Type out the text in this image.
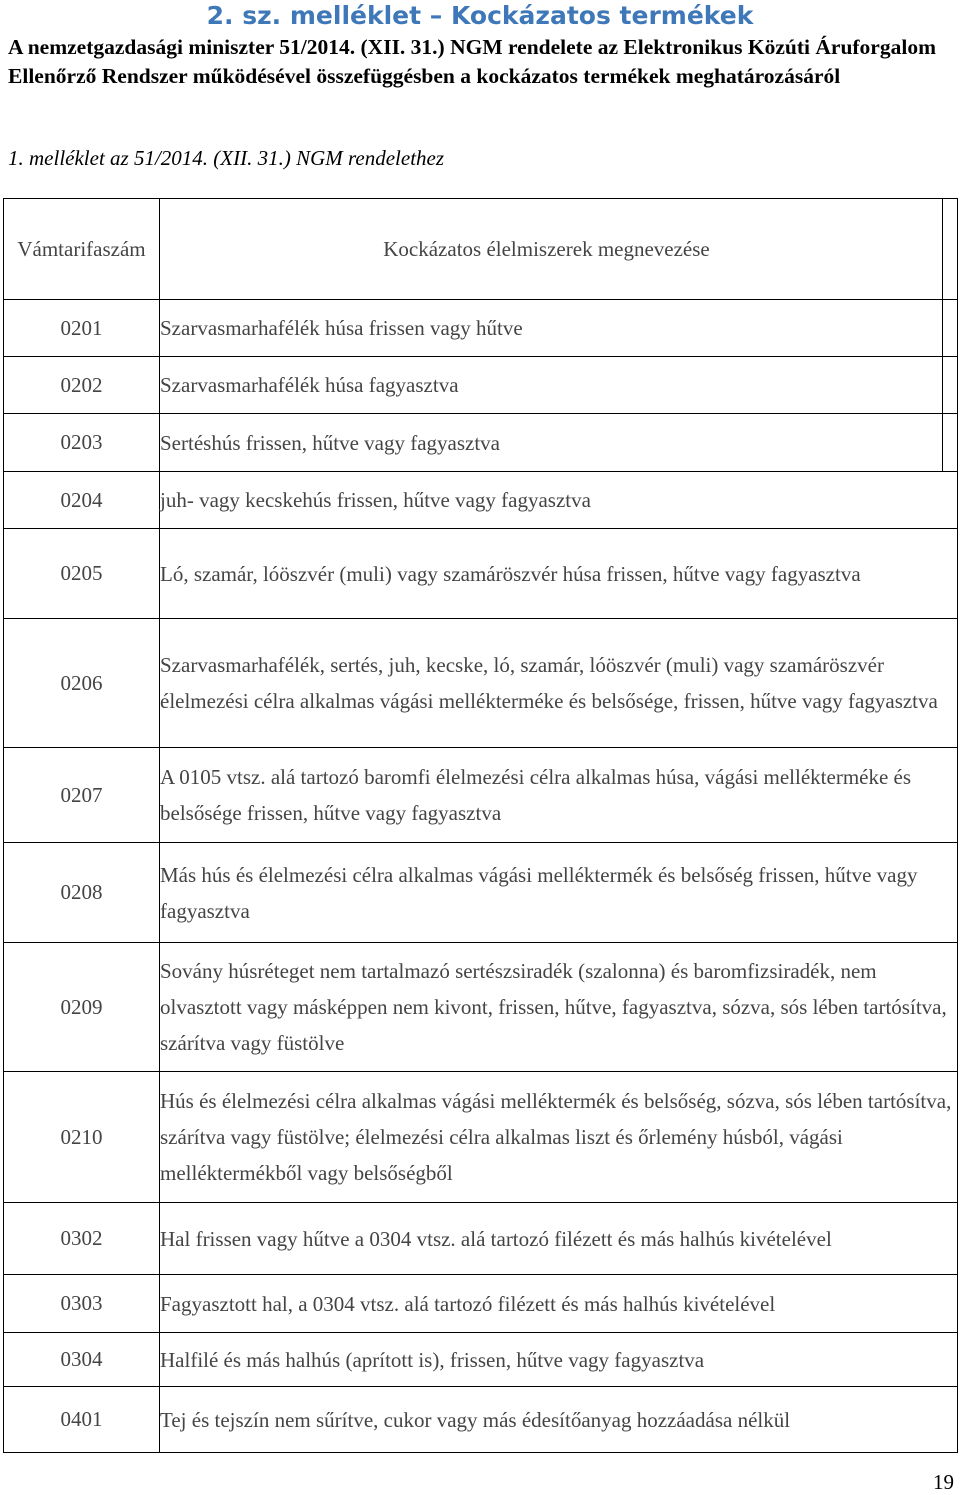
2. sz. melléklet – Kockázatos termékek
A nemzetgazdasági miniszter 51/2014. (XII. 31.) NGM rendelete az Elektronikus Közúti Áruforgalom Ellenőrző Rendszer működésével összefüggésben a kockázatos termékek meghatározásáról
1. melléklet az 51/2014. (XII. 31.) NGM rendelethez
Vámtarifaszám	Kockázatos élelmiszerek megnevezése

0201	Szarvasmarhafélék húsa frissen vagy hűtve

0202	Szarvasmarhafélék húsa fagyasztva

0203	Sertéshús frissen, hűtve vagy fagyasztva

0204	juh- vagy kecskehús frissen, hűtve vagy fagyasztva
0205	Ló, szamár, lóöszvér (muli) vagy szamáröszvér húsa frissen, hűtve vagy fagyasztva
0206	Szarvasmarhafélék, sertés, juh, kecske, ló, szamár, lóöszvér (muli) vagy szamáröszvér élelmezési célra alkalmas vágási mellékterméke és belsősége, frissen, hűtve vagy fagyasztva
0207	A 0105 vtsz. alá tartozó baromfi élelmezési célra alkalmas húsa, vágási mellékterméke és belsősége frissen, hűtve vagy fagyasztva
0208	Más hús és élelmezési célra alkalmas vágási melléktermék és belsőség frissen, hűtve vagy fagyasztva
0209	Sovány húsréteget nem tartalmazó sertészsiradék (szalonna) és baromfizsiradék, nem olvasztott vagy másképpen nem kivont, frissen, hűtve, fagyasztva, sózva, sós lében tartósítva, szárítva vagy füstölve
0210	Hús és élelmezési célra alkalmas vágási melléktermék és belsőség, sózva, sós lében tartósítva, szárítva vagy füstölve; élelmezési célra alkalmas liszt és őrlemény húsból, vágási melléktermékből vagy belsőségből
0302	Hal frissen vagy hűtve a 0304 vtsz. alá tartozó filézett és más halhús kivételével
0303	Fagyasztott hal, a 0304 vtsz. alá tartozó filézett és más halhús kivételével
0304	Halfilé és más halhús (aprított is), frissen, hűtve vagy fagyasztva
0401	Tej és tejszín nem sűrítve, cukor vagy más édesítőanyag hozzáadása nélkül
19
